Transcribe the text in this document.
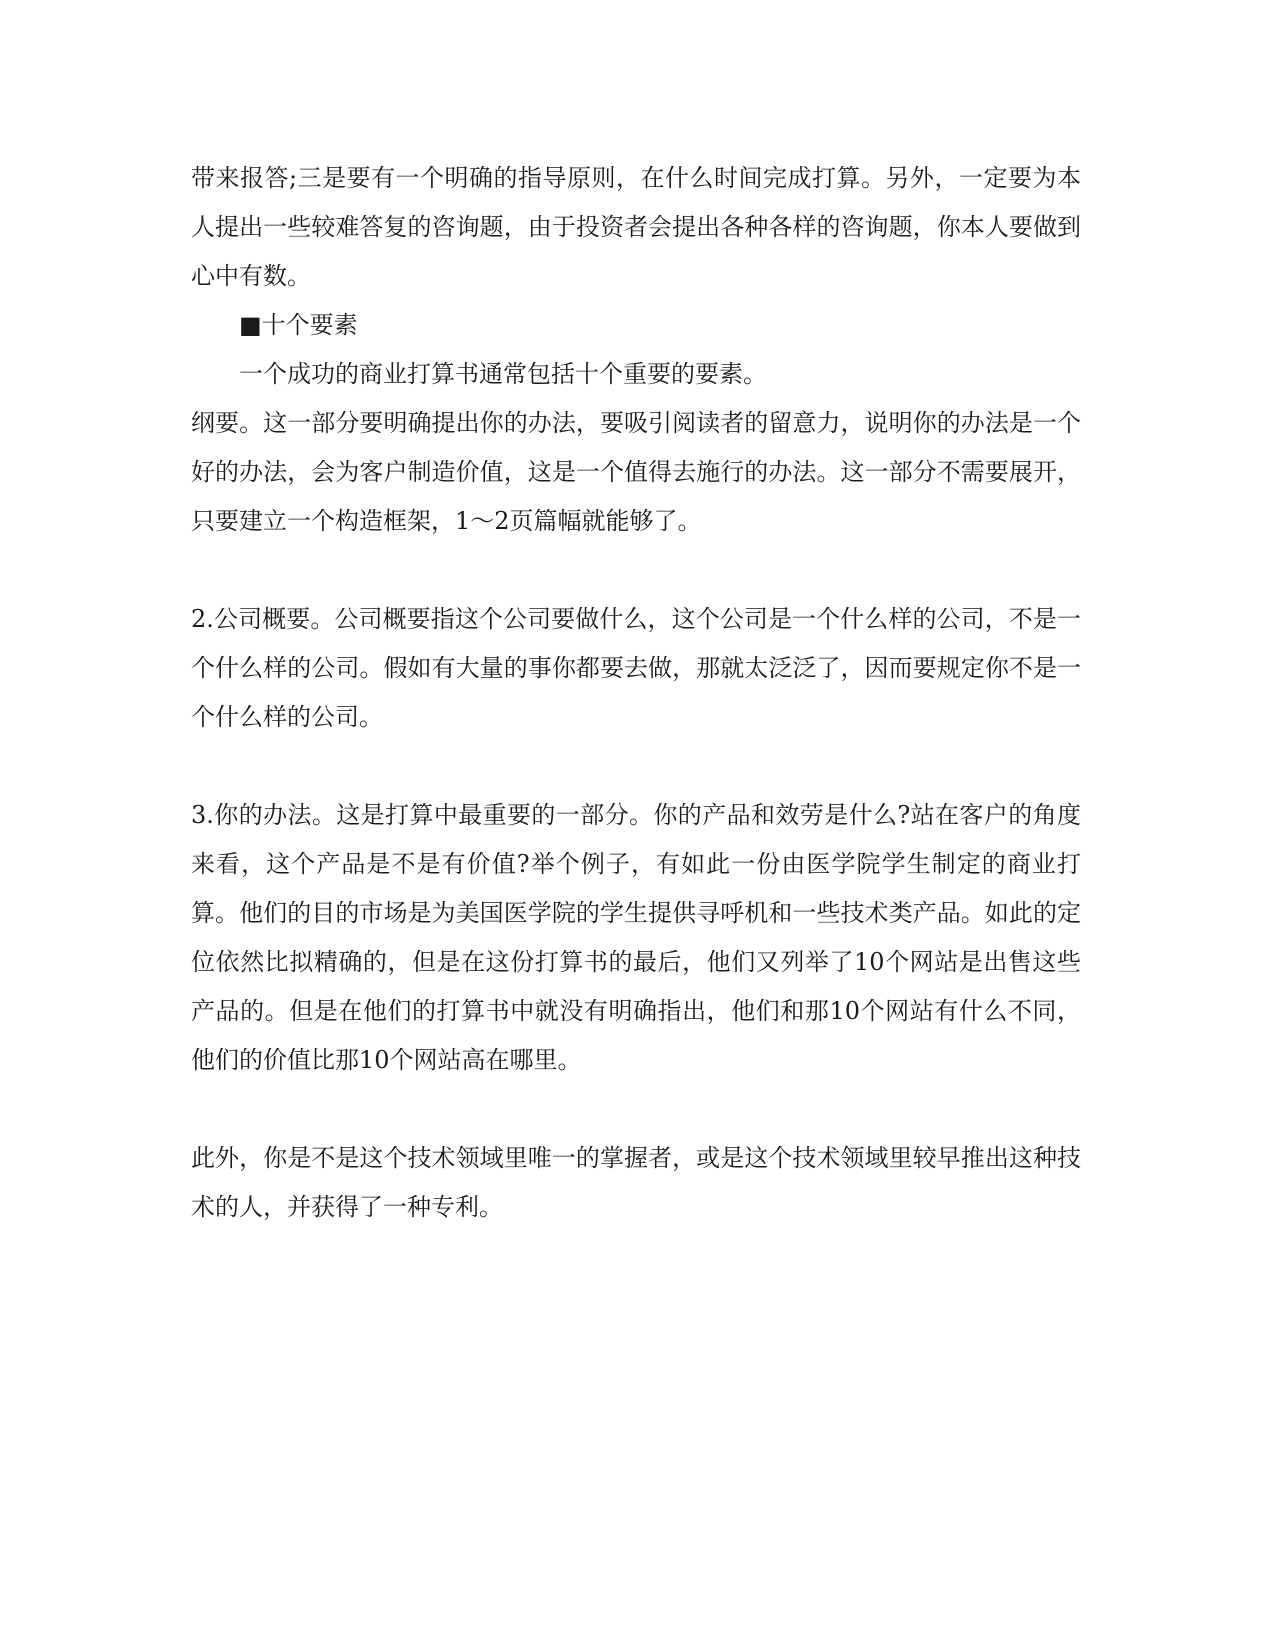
带来报答;三是要有一个明确的指导原则，在什么时间完成打算。另外，一定要为本人提出一些较难答复的咨询题，由于投资者会提出各种各样的咨询题，你本人要做到心中有数。

■十个要素

一个成功的商业打算书通常包括十个重要的要素。

纲要。这一部分要明确提出你的办法，要吸引阅读者的留意力，说明你的办法是一个好的办法，会为客户制造价值，这是一个值得去施行的办法。这一部分不需要展开，只要建立一个构造框架，1～2页篇幅就能够了。

2.公司概要。公司概要指这个公司要做什么，这个公司是一个什么样的公司，不是一个什么样的公司。假如有大量的事你都要去做，那就太泛泛了，因而要规定你不是一个什么样的公司。

3.你的办法。这是打算中最重要的一部分。你的产品和效劳是什么?站在客户的角度来看，这个产品是不是有价值?举个例子，有如此一份由医学院学生制定的商业打算。他们的目的市场是为美国医学院的学生提供寻呼机和一些技术类产品。如此的定位依然比拟精确的，但是在这份打算书的最后，他们又列举了10个网站是出售这些产品的。但是在他们的打算书中就没有明确指出，他们和那10个网站有什么不同，他们的价值比那10个网站高在哪里。

此外，你是不是这个技术领域里唯一的掌握者，或是这个技术领域里较早推出这种技术的人，并获得了一种专利。
